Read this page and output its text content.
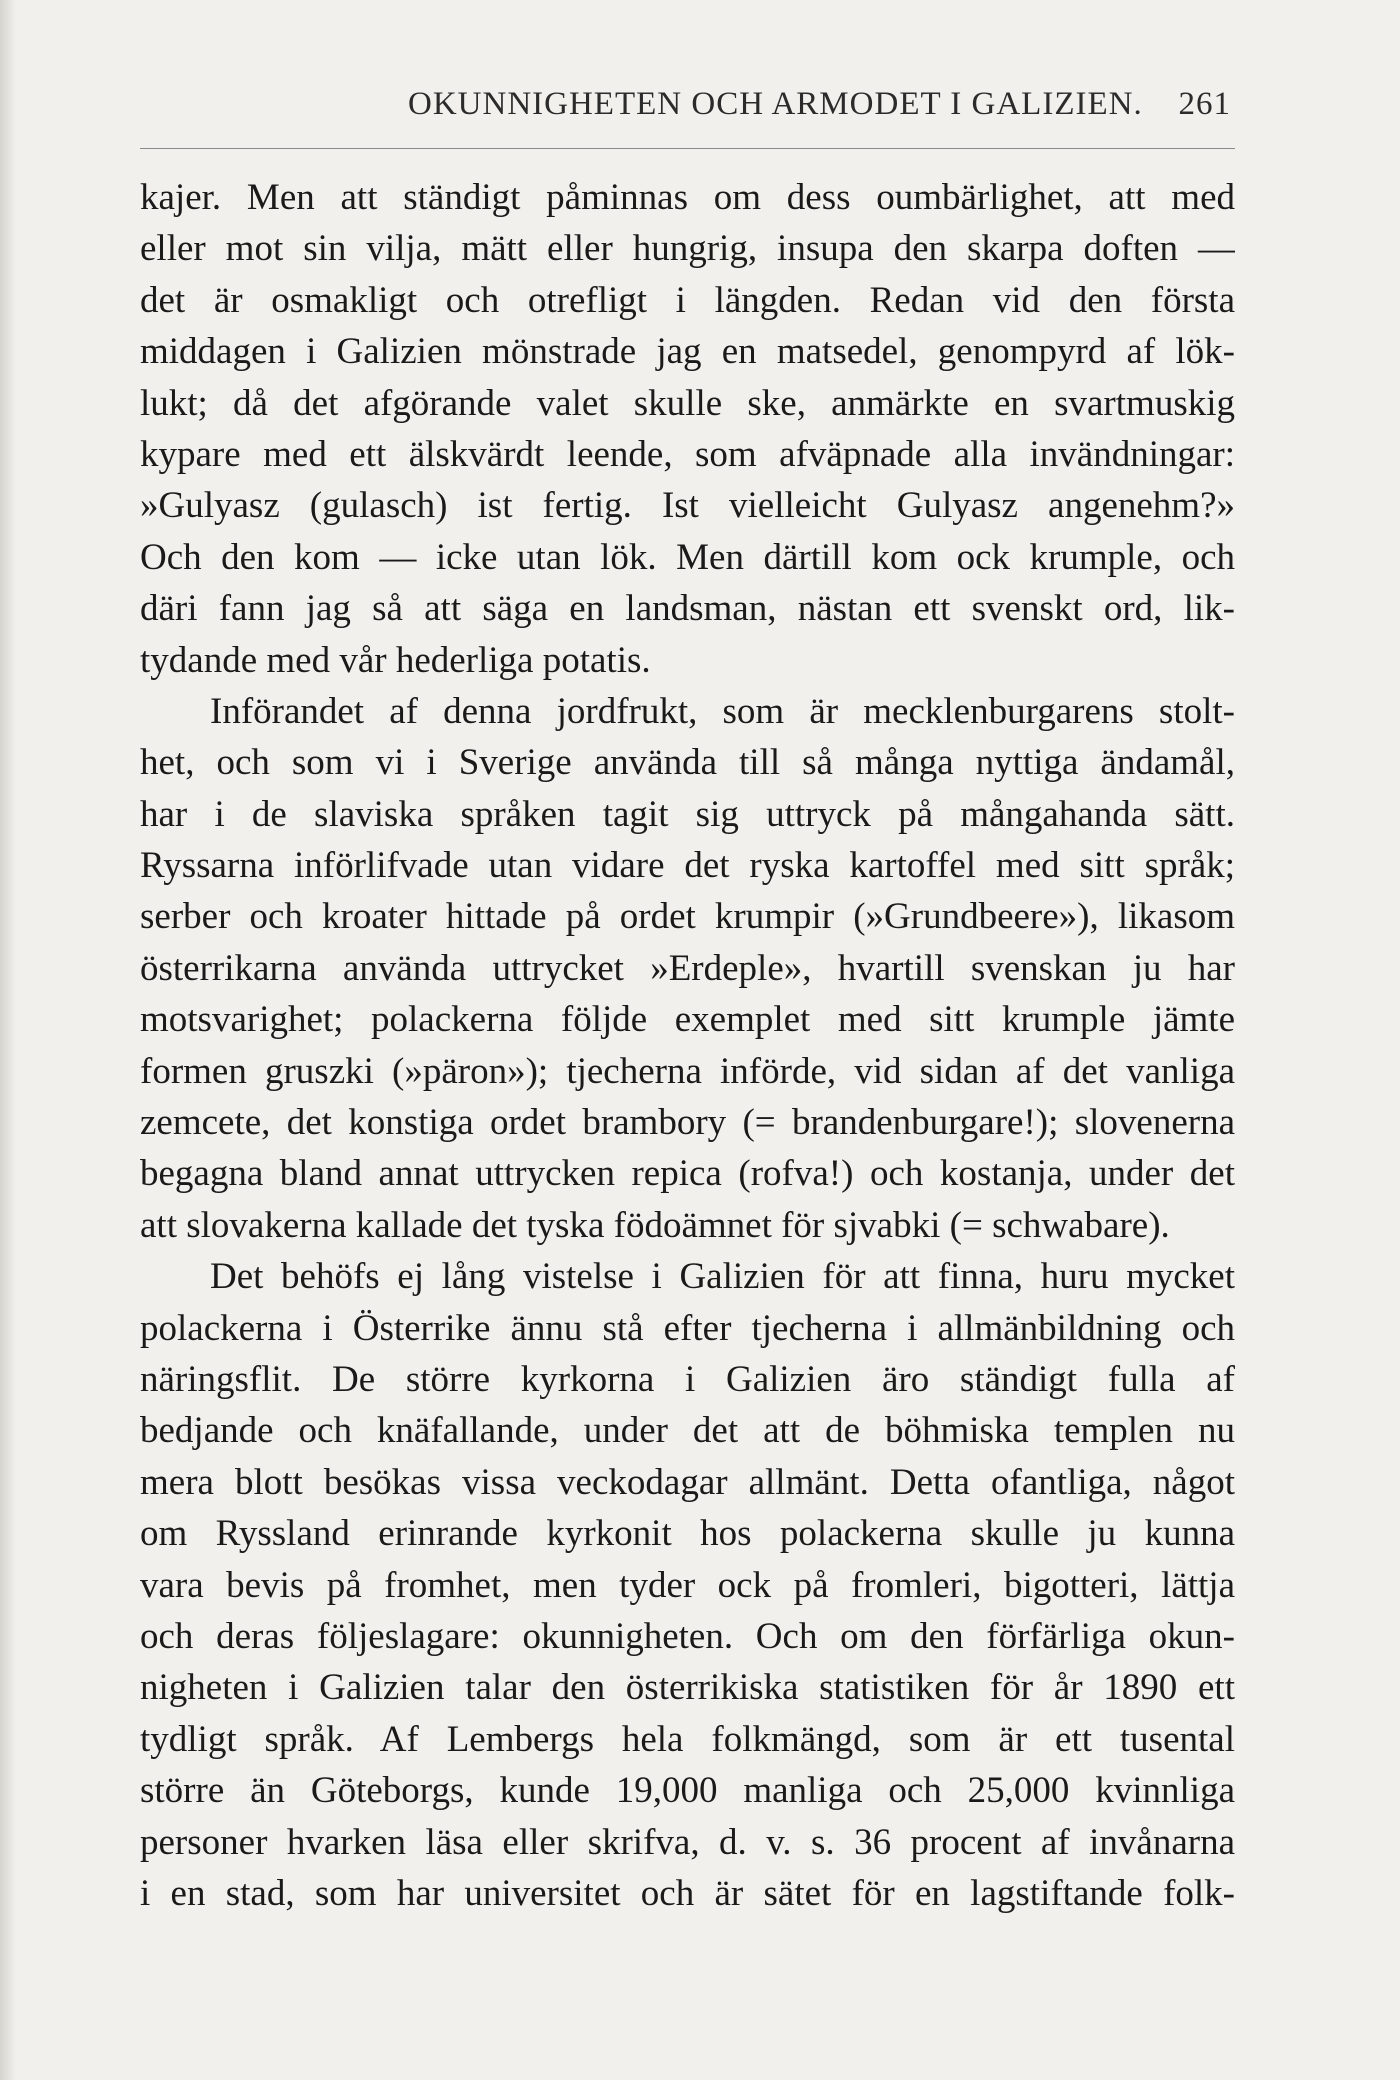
OKUNNIGHETEN OCH ARMODET I GALIZIEN. 261
kajer. Men att ständigt påminnas om dess oumbärlighet, att med
eller mot sin vilja, mätt eller hungrig, insupa den skarpa doften —
det är osmakligt och otrefligt i längden. Redan vid den första
middagen i Galizien mönstrade jag en matsedel, genompyrd af lök-
lukt; då det afgörande valet skulle ske, anmärkte en svartmuskig
kypare med ett älskvärdt leende, som afväpnade alla invändningar:
»Gulyasz (gulasch) ist fertig. Ist vielleicht Gulyasz angenehm?»
Och den kom — icke utan lök. Men därtill kom ock krumple, och
däri fann jag så att säga en landsman, nästan ett svenskt ord, lik-
tydande med vår hederliga potatis.
Införandet af denna jordfrukt, som är mecklenburgarens stolt-
het, och som vi i Sverige använda till så många nyttiga ändamål,
har i de slaviska språken tagit sig uttryck på mångahanda sätt.
Ryssarna införlifvade utan vidare det ryska kartoffel med sitt språk;
serber och kroater hittade på ordet krumpir (»Grundbeere»), likasom
österrikarna använda uttrycket »Erdeple», hvartill svenskan ju har
motsvarighet; polackerna följde exemplet med sitt krumple jämte
formen gruszki (»päron»); tjecherna införde, vid sidan af det vanliga
zemcete, det konstiga ordet brambory (= brandenburgare!); slovenerna
begagna bland annat uttrycken repica (rofva!) och kostanja, under det
att slovakerna kallade det tyska födoämnet för sjvabki (= schwabare).
Det behöfs ej lång vistelse i Galizien för att finna, huru mycket
polackerna i Österrike ännu stå efter tjecherna i allmänbildning och
näringsflit. De större kyrkorna i Galizien äro ständigt fulla af
bedjande och knäfallande, under det att de böhmiska templen nu
mera blott besökas vissa veckodagar allmänt. Detta ofantliga, något
om Ryssland erinrande kyrkonit hos polackerna skulle ju kunna
vara bevis på fromhet, men tyder ock på fromleri, bigotteri, lättja
och deras följeslagare: okunnigheten. Och om den förfärliga okun-
nigheten i Galizien talar den österrikiska statistiken för år 1890 ett
tydligt språk. Af Lembergs hela folkmängd, som är ett tusental
större än Göteborgs, kunde 19,000 manliga och 25,000 kvinnliga
personer hvarken läsa eller skrifva, d. v. s. 36 procent af invånarna
i en stad, som har universitet och är sätet för en lagstiftande folk-
